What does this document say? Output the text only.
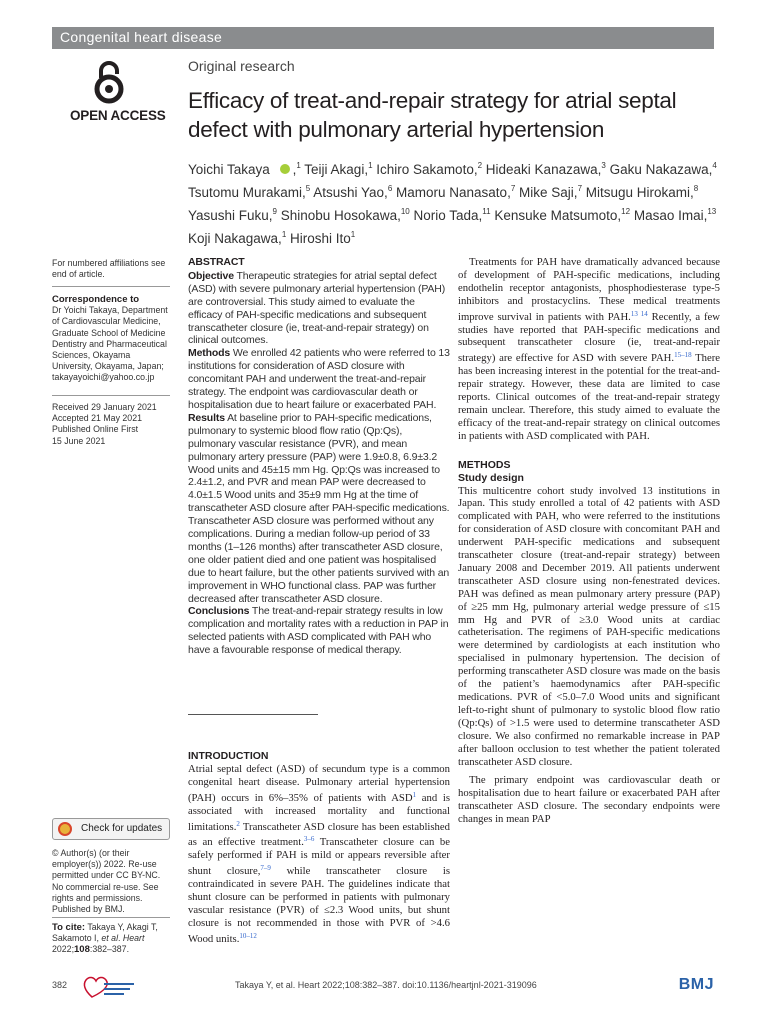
Congenital heart disease
OPEN ACCESS
Original research
Efficacy of treat-and-repair strategy for atrial septal defect with pulmonary arterial hypertension
Yoichi Takaya ,$^1$ Teiji Akagi,$^1$ Ichiro Sakamoto,$^2$ Hideaki Kanazawa,$^3$ Gaku Nakazawa,$^4$ Tsutomu Murakami,$^5$ Atsushi Yao,$^6$ Mamoru Nanasato,$^7$ Mike Saji,$^7$ Mitsugu Hirokami,$^8$ Yasushi Fuku,$^9$ Shinobu Hosokawa,$^{10}$ Norio Tada,$^{11}$ Kensuke Matsumoto,$^{12}$ Masao Imai,$^{13}$ Koji Nakagawa,$^1$ Hiroshi Ito$^1$
For numbered affiliations see end of article.
Correspondence to
Dr Yoichi Takaya, Department of Cardiovascular Medicine, Graduate School of Medicine Dentistry and Pharmaceutical Sciences, Okayama University, Okayama, Japan; takayayoichi@yahoo.co.jp
Received 29 January 2021
Accepted 21 May 2021
Published Online First
15 June 2021
Check for updates
© Author(s) (or their employer(s)) 2022. Re-use permitted under CC BY-NC. No commercial re-use. See rights and permissions. Published by BMJ.
To cite: Takaya Y, Akagi T, Sakamoto I, et al. Heart 2022;108:382–387.
ABSTRACT

Objective Therapeutic strategies for atrial septal defect (ASD) with severe pulmonary arterial hypertension (PAH) are controversial. This study aimed to evaluate the efficacy of PAH-specific medications and subsequent transcatheter closure (ie, treat-and-repair strategy) on clinical outcomes.

Methods We enrolled 42 patients who were referred to 13 institutions for consideration of ASD closure with concomitant PAH and underwent the treat-and-repair strategy. The endpoint was cardiovascular death or hospitalisation due to heart failure or exacerbated PAH.

Results At baseline prior to PAH-specific medications, pulmonary to systemic blood flow ratio (Qp:Qs), pulmonary vascular resistance (PVR), and mean pulmonary artery pressure (PAP) were 1.9±0.8, 6.9±3.2 Wood units and 45±15 mm Hg. Qp:Qs was increased to 2.4±1.2, and PVR and mean PAP were decreased to 4.0±1.5 Wood units and 35±9 mm Hg at the time of transcatheter ASD closure after PAH-specific medications. Transcatheter ASD closure was performed without any complications. During a median follow-up period of 33 months (1–126 months) after transcatheter ASD closure, one older patient died and one patient was hospitalised due to heart failure, but the other patients survived with an improvement in WHO functional class. PAP was further decreased after transcatheter ASD closure.

Conclusions The treat-and-repair strategy results in low complication and mortality rates with a reduction in PAP in selected patients with ASD complicated with PAH who have a favourable response of medical therapy.

INTRODUCTION

Atrial septal defect (ASD) of secundum type is a common congenital heart disease. Pulmonary arterial hypertension (PAH) occurs in 6%–35% of patients with ASD$^1$ and is associated with increased mortality and functional limitations.$^2$ Transcatheter ASD closure has been established as an effective treatment.$^{3-6}$ Transcatheter closure can be safely performed if PAH is mild or appears reversible after shunt closure,$^{7-9}$ while transcatheter closure is contraindicated in severe PAH. The guidelines indicate that shunt closure can be performed in patients with pulmonary vascular resistance (PVR) of ≤2.3 Wood units, but shunt closure is not recommended in those with PVR of >4.6 Wood units.$^{10-12}$

Treatments for PAH have dramatically advanced because of development of PAH-specific medications, including endothelin receptor antagonists, phosphodiesterase type-5 inhibitors and prostacyclins. These medical treatments improve survival in patients with PAH.$^{13 14}$ Recently, a few studies have reported that PAH-specific medications and subsequent transcatheter closure (ie, treat-and-repair strategy) are effective for ASD with severe PAH.$^{15-18}$ There has been increasing interest in the potential for the treat-and-repair strategy. However, these data are limited to case reports. Clinical outcomes of the treat-and-repair strategy remain unclear. Therefore, this study aimed to evaluate the efficacy of the treat-and-repair strategy on clinical outcomes in patients with ASD complicated with PAH.

METHODS
Study design

This multicentre cohort study involved 13 institutions in Japan. This study enrolled a total of 42 patients with ASD complicated with PAH, who were referred to the institutions for consideration of ASD closure with concomitant PAH and underwent PAH-specific medications and subsequent transcatheter closure (treat-and-repair strategy) between January 2008 and December 2019. All patients underwent transcatheter ASD closure using non-fenestrated devices. PAH was defined as mean pulmonary artery pressure (PAP) of ≥25 mm Hg, pulmonary arterial wedge pressure of ≤15 mm Hg and PVR of ≥3.0 Wood units at cardiac catheterisation. The regimens of PAH-specific medications were determined by cardiologists at each institution who specialised in pulmonary hypertension. The decision of performing transcatheter ASD closure was made on the basis of the patient’s haemodynamics after PAH-specific medications. PVR of <5.0–7.0 Wood units and significant left-to-right shunt of pulmonary to systolic blood flow ratio (Qp:Qs) of >1.5 were used to determine transcatheter ASD closure. We also confirmed no remarkable increase in PAP after balloon occlusion to test whether the patient tolerated transcatheter ASD closure.

The primary endpoint was cardiovascular death or hospitalisation due to heart failure or exacerbated PAH after transcatheter ASD closure. The secondary endpoints were changes in mean PAP

382	Takaya Y, et al. Heart 2022;108:382–387. doi:10.1136/heartjnl-2021-319096	BMJ
